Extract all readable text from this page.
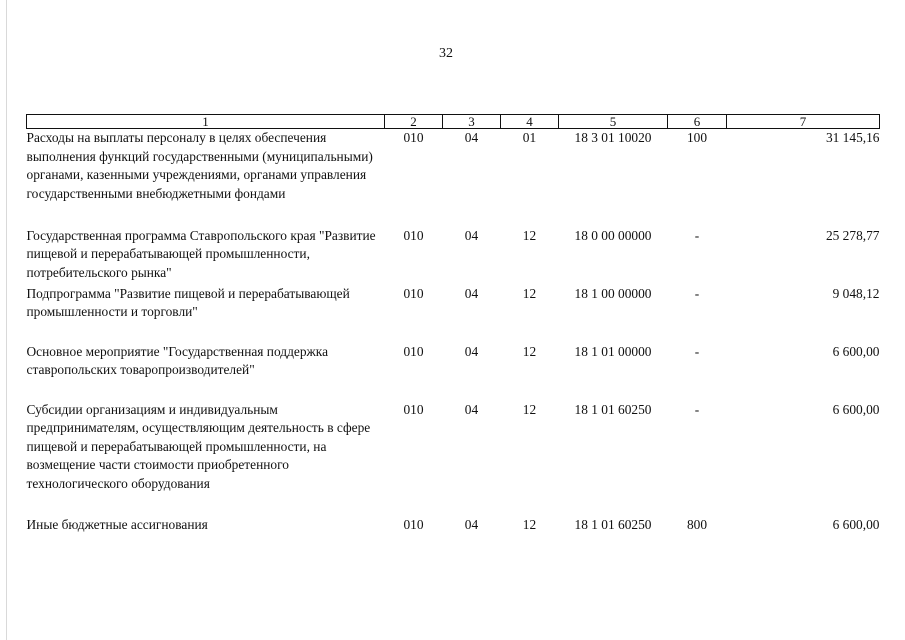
32
1	2	3	4	5	6	7
Расходы на выплаты персоналу в целях обеспечения выполнения функций государственными (муниципальными) органами, казенными учреждениями, органами управления государственными внебюджетными фондами	010	04	01	18 3 01 10020	100	31 145,16
Государственная программа Ставропольского края "Развитие пищевой и перерабатывающей промышленности, потребительского рынка"	010	04	12	18 0 00 00000	-	25 278,77
Подпрограмма "Развитие пищевой и перерабатывающей промышленности и торговли"	010	04	12	18 1 00 00000	-	9 048,12
Основное мероприятие "Государственная поддержка ставропольских товаропроизводителей"	010	04	12	18 1 01 00000	-	6 600,00
Субсидии организациям и индивидуальным предпринимателям, осуществляющим деятельность в сфере пищевой и перерабатывающей промышленности, на возмещение части стоимости приобретенного технологического оборудования	010	04	12	18 1 01 60250	-	6 600,00
Иные бюджетные ассигнования	010	04	12	18 1 01 60250	800	6 600,00
